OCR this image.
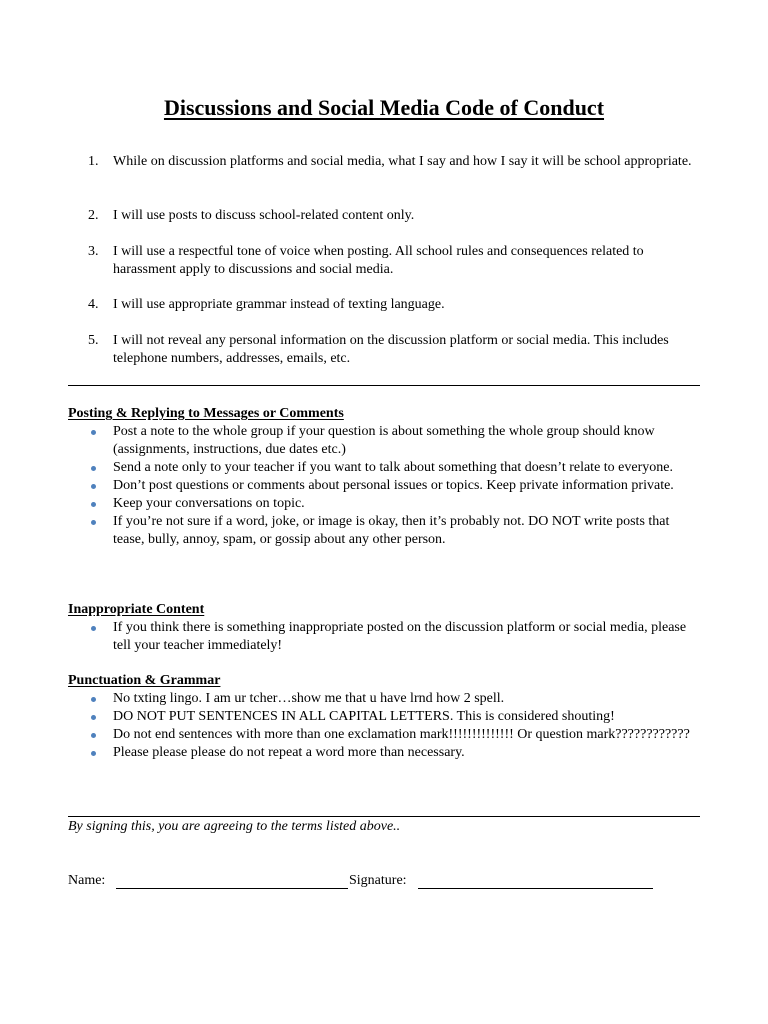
Discussions and Social Media Code of Conduct
1.	While on discussion platforms and social media, what I say and how I say it will be school appropriate.
2.	I will use posts to discuss school-related content only.
3.	I will use a respectful tone of voice when posting. All school rules and consequences related to harassment apply to discussions and social media.
4.	I will use appropriate grammar instead of texting language.
5.	I will not reveal any personal information on the discussion platform or social media. This includes telephone numbers, addresses, emails, etc.
Posting & Replying to Messages or Comments
Post a note to the whole group if your question is about something the whole group should know (assignments, instructions, due dates etc.)
Send a note only to your teacher if you want to talk about something that doesn’t relate to everyone.
Don’t post questions or comments about personal issues or topics. Keep private information private.
Keep your conversations on topic.
If you’re not sure if a word, joke, or image is okay, then it’s probably not. DO NOT write posts that tease, bully, annoy, spam, or gossip about any other person.
Inappropriate Content
If you think there is something inappropriate posted on the discussion platform or social media, please tell your teacher immediately!
Punctuation & Grammar
No txting lingo. I am ur tcher…show me that u have lrnd how 2 spell.
DO NOT PUT SENTENCES IN ALL CAPITAL LETTERS. This is considered shouting!
Do not end sentences with more than one exclamation mark!!!!!!!!!!!!!! Or question mark????????????
Please please please do not repeat a word more than necessary.
By signing this, you are agreeing to the terms listed above..
Name:	Signature:
